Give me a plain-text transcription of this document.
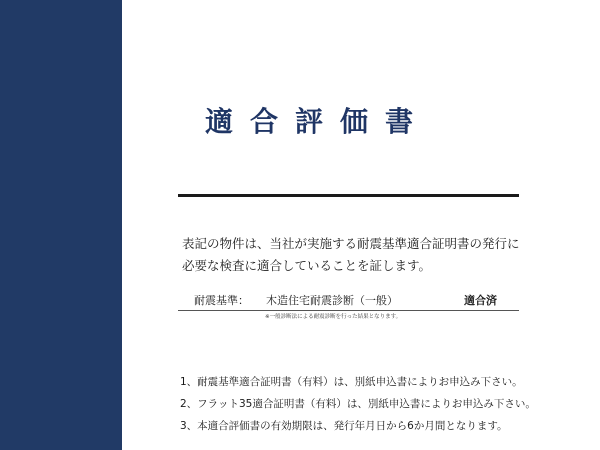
適合評価書
表記の物件は、当社が実施する耐震基準適合証明書の発行に
必要な検査に適合していることを証します。
耐震基準： 木造住宅耐震診断（一般）	適合済
※一般診断法による耐震診断を行った結果となります。
1、耐震基準適合証明書（有料）は、別紙申込書によりお申込み下さい。
2、フラット35適合証明書（有料）は、別紙申込書によりお申込み下さい。
3、本適合評価書の有効期限は、発行年月日から6か月間となります。
